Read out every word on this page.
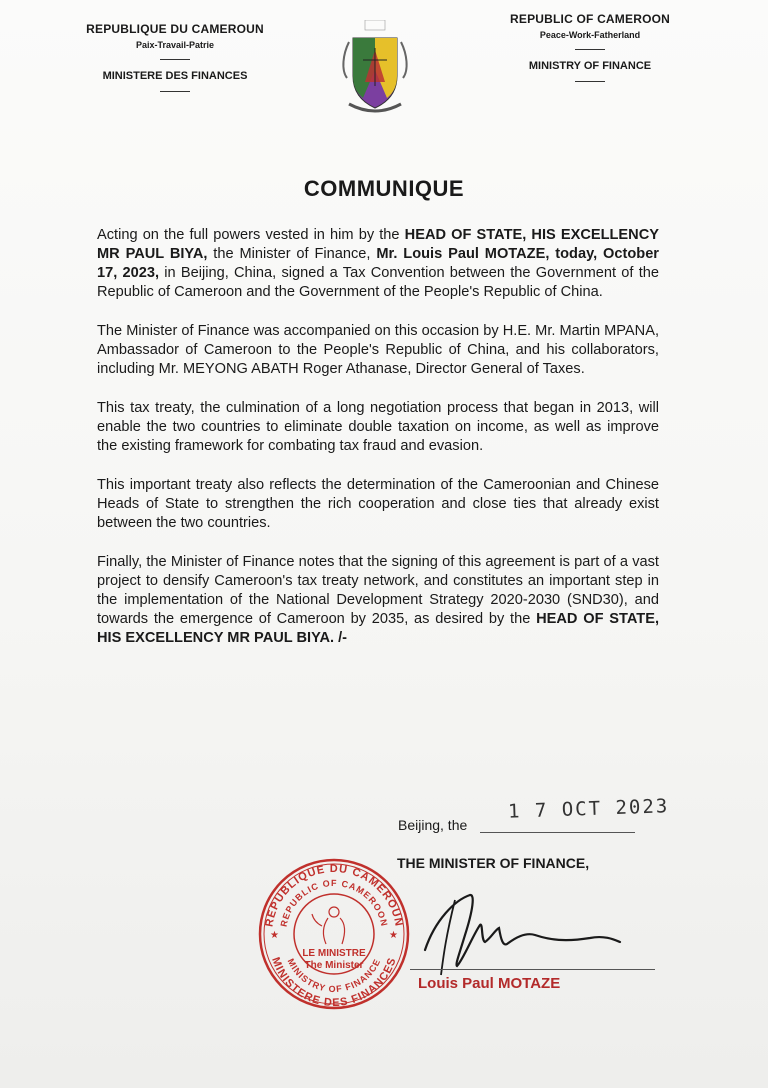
REPUBLIQUE DU CAMEROUN
Paix-Travail-Patrie
MINISTERE DES FINANCES
REPUBLIC OF CAMEROON
Peace-Work-Fatherland
MINISTRY OF FINANCE
COMMUNIQUE

Acting on the full powers vested in him by the HEAD OF STATE, HIS EXCELLENCY MR PAUL BIYA, the Minister of Finance, Mr. Louis Paul MOTAZE, today, October 17, 2023, in Beijing, China, signed a Tax Convention between the Government of the Republic of Cameroon and the Government of the People's Republic of China.

The Minister of Finance was accompanied on this occasion by H.E. Mr. Martin MPANA, Ambassador of Cameroon to the People's Republic of China, and his collaborators, including Mr. MEYONG ABATH Roger Athanase, Director General of Taxes.

This tax treaty, the culmination of a long negotiation process that began in 2013, will enable the two countries to eliminate double taxation on income, as well as improve the existing framework for combating tax fraud and evasion.

This important treaty also reflects the determination of the Cameroonian and Chinese Heads of State to strengthen the rich cooperation and close ties that already exist between the two countries.

Finally, the Minister of Finance notes that the signing of this agreement is part of a vast project to densify Cameroon's tax treaty network, and constitutes an important step in the implementation of the National Development Strategy 2020-2030 (SND30), and towards the emergence of Cameroon by 2035, as desired by the HEAD OF STATE, HIS EXCELLENCY MR PAUL BIYA. /-

Beijing, the
1 7 OCT 2023
THE MINISTER OF FINANCE,
REPUBLIQUE DU CAMEROUN
REPUBLIC OF CAMEROON
MINISTERE DES FINANCES
MINISTRY OF FINANCE
★	★
LE MINISTRE
The Minister
Louis Paul MOTAZE
